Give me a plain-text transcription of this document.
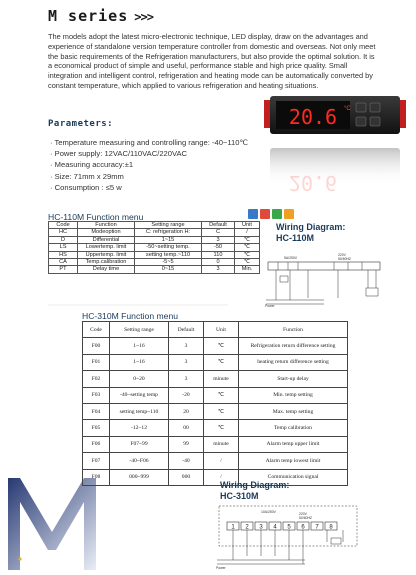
M series >>>
The models adopt the latest micro-electronic technique, LED display, draw on the advantages and experience of standalone version temperature controller from domestic and overseas. Not only meet the basic requirements of the Refrigeration manufacturers, but also provide the optimal solution. It is a economical product of simple and useful, performance stable and high price quality. Small integration and intelligent control, refrigeration and heating mode can be automatically converted by constant temperature, which applied to various refrigeration and heating situations.
Parameters:
· Temperature measuring and controlling range: -40~110℃
· Power supply: 12VAC/110VAC/220VAC
· Measuring accuracy:±1
· Size: 71mm x 29mm
· Consumption : ≤5 w
20.6 °C
20.6
HC-110M Function menu
Code	Function	Setting range	Default	Unit
HC	Modeoption	C: refrigeration H:	C	/
D	Differential	1~15	3	℃
LS	Lowertemp. limit	-50~setting temp.	-50	℃
HS	Uppertemp. limit	setting temp.~110	110	℃
CA	Temp.calibration	-5~5	0	℃
PT	Delay time	0~15	3	Min.
Wiring Diagram:
HC-110M
5A/250V
220V
50/60HZ
Power
HC-310M Function menu
Code	Setting range	Default	Unit	Function
F00	1~16	3	℃	Refrigeration return difference setting
F01	1~16	3	℃	heating return difference setting
F02	0~20	3	minute	Start-up delay
F03	-40~setting temp	-20	℃	Min. temp setting
F04	setting temp~110	20	℃	Max. temp setting
F05	-12~12	00	℃	Temp calibration
F06	F07~99	99	minute	Alarm temp upper limit
F07	-40~F06	-40	/	Alarm temp lowest limit
F08	000~999	000	/	Communication signal
Wiring Diagram:
HC-310M
10A/250V	220V
50/60HZ
1 2 3 4 5 6 7 8
Power
